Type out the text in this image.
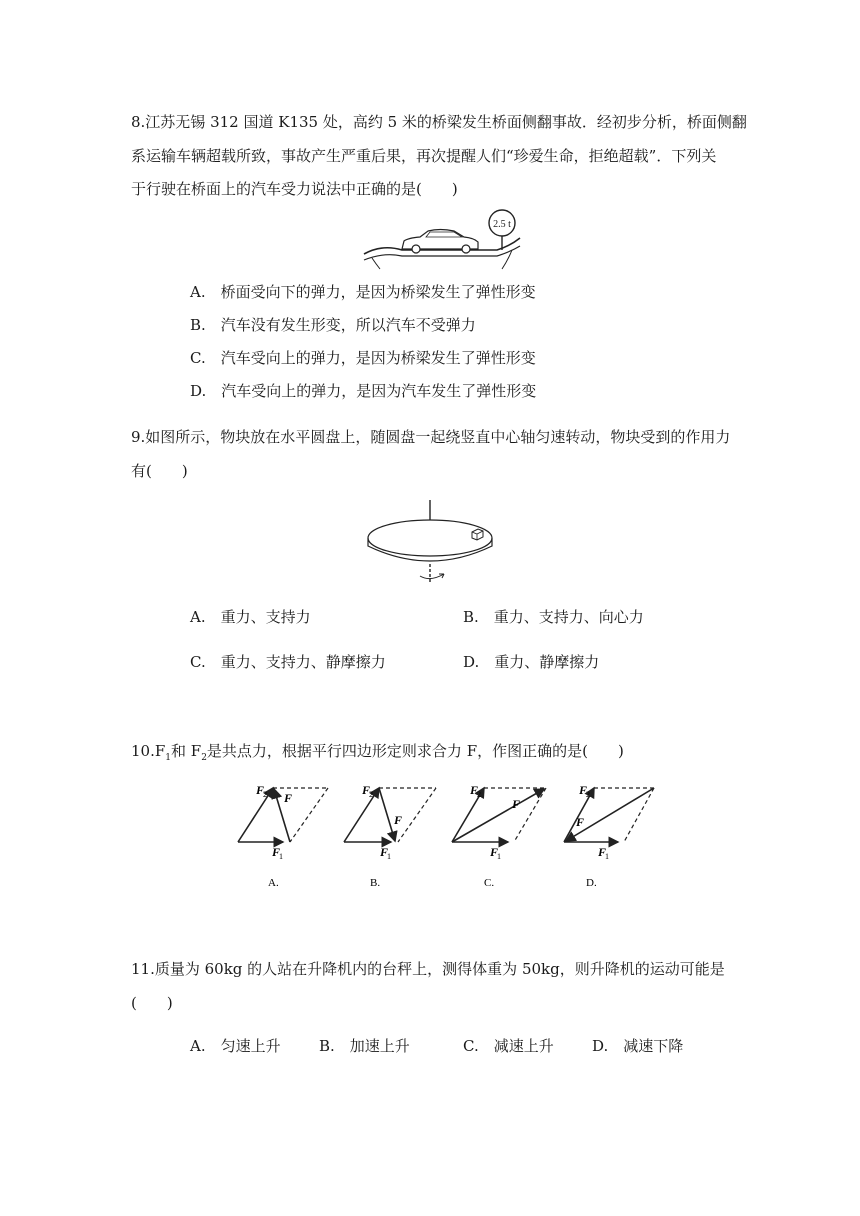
8.江苏无锡 312 国道 K135 处，高约 5 米的桥梁发生桥面侧翻事故．经初步分析，桥面侧翻
系运输车辆超载所致，事故产生严重后果，再次提醒人们“珍爱生命，拒绝超载”．下列关
于行驶在桥面上的汽车受力说法中正确的是(　　)
2.5 t
A.　桥面受向下的弹力，是因为桥梁发生了弹性形变
B.　汽车没有发生形变，所以汽车不受弹力
C.　汽车受向上的弹力，是因为桥梁发生了弹性形变
D.　汽车受向上的弹力，是因为汽车发生了弹性形变
9.如图所示，物块放在水平圆盘上，随圆盘一起绕竖直中心轴匀速转动，物块受到的作用力
有(　　)
A.　重力、支持力	B.　重力、支持力、向心力
C.　重力、支持力、静摩擦力	D.　重力、静摩擦力
$10.F_1$和 $F_2$是共点力，根据平行四边形定则求合力 F，作图正确的是(　　)
F
2 F
F
1
A.
F
2
F
F
1
B.
F
2
F
F
1
C.
F
2
F
F
1
D.
11.质量为 60kg 的人站在升降机内的台秤上，测得体重为 50kg，则升降机的运动可能是
(　　)
A.　匀速上升	B.　加速上升	C.　减速上升	D.　减速下降
